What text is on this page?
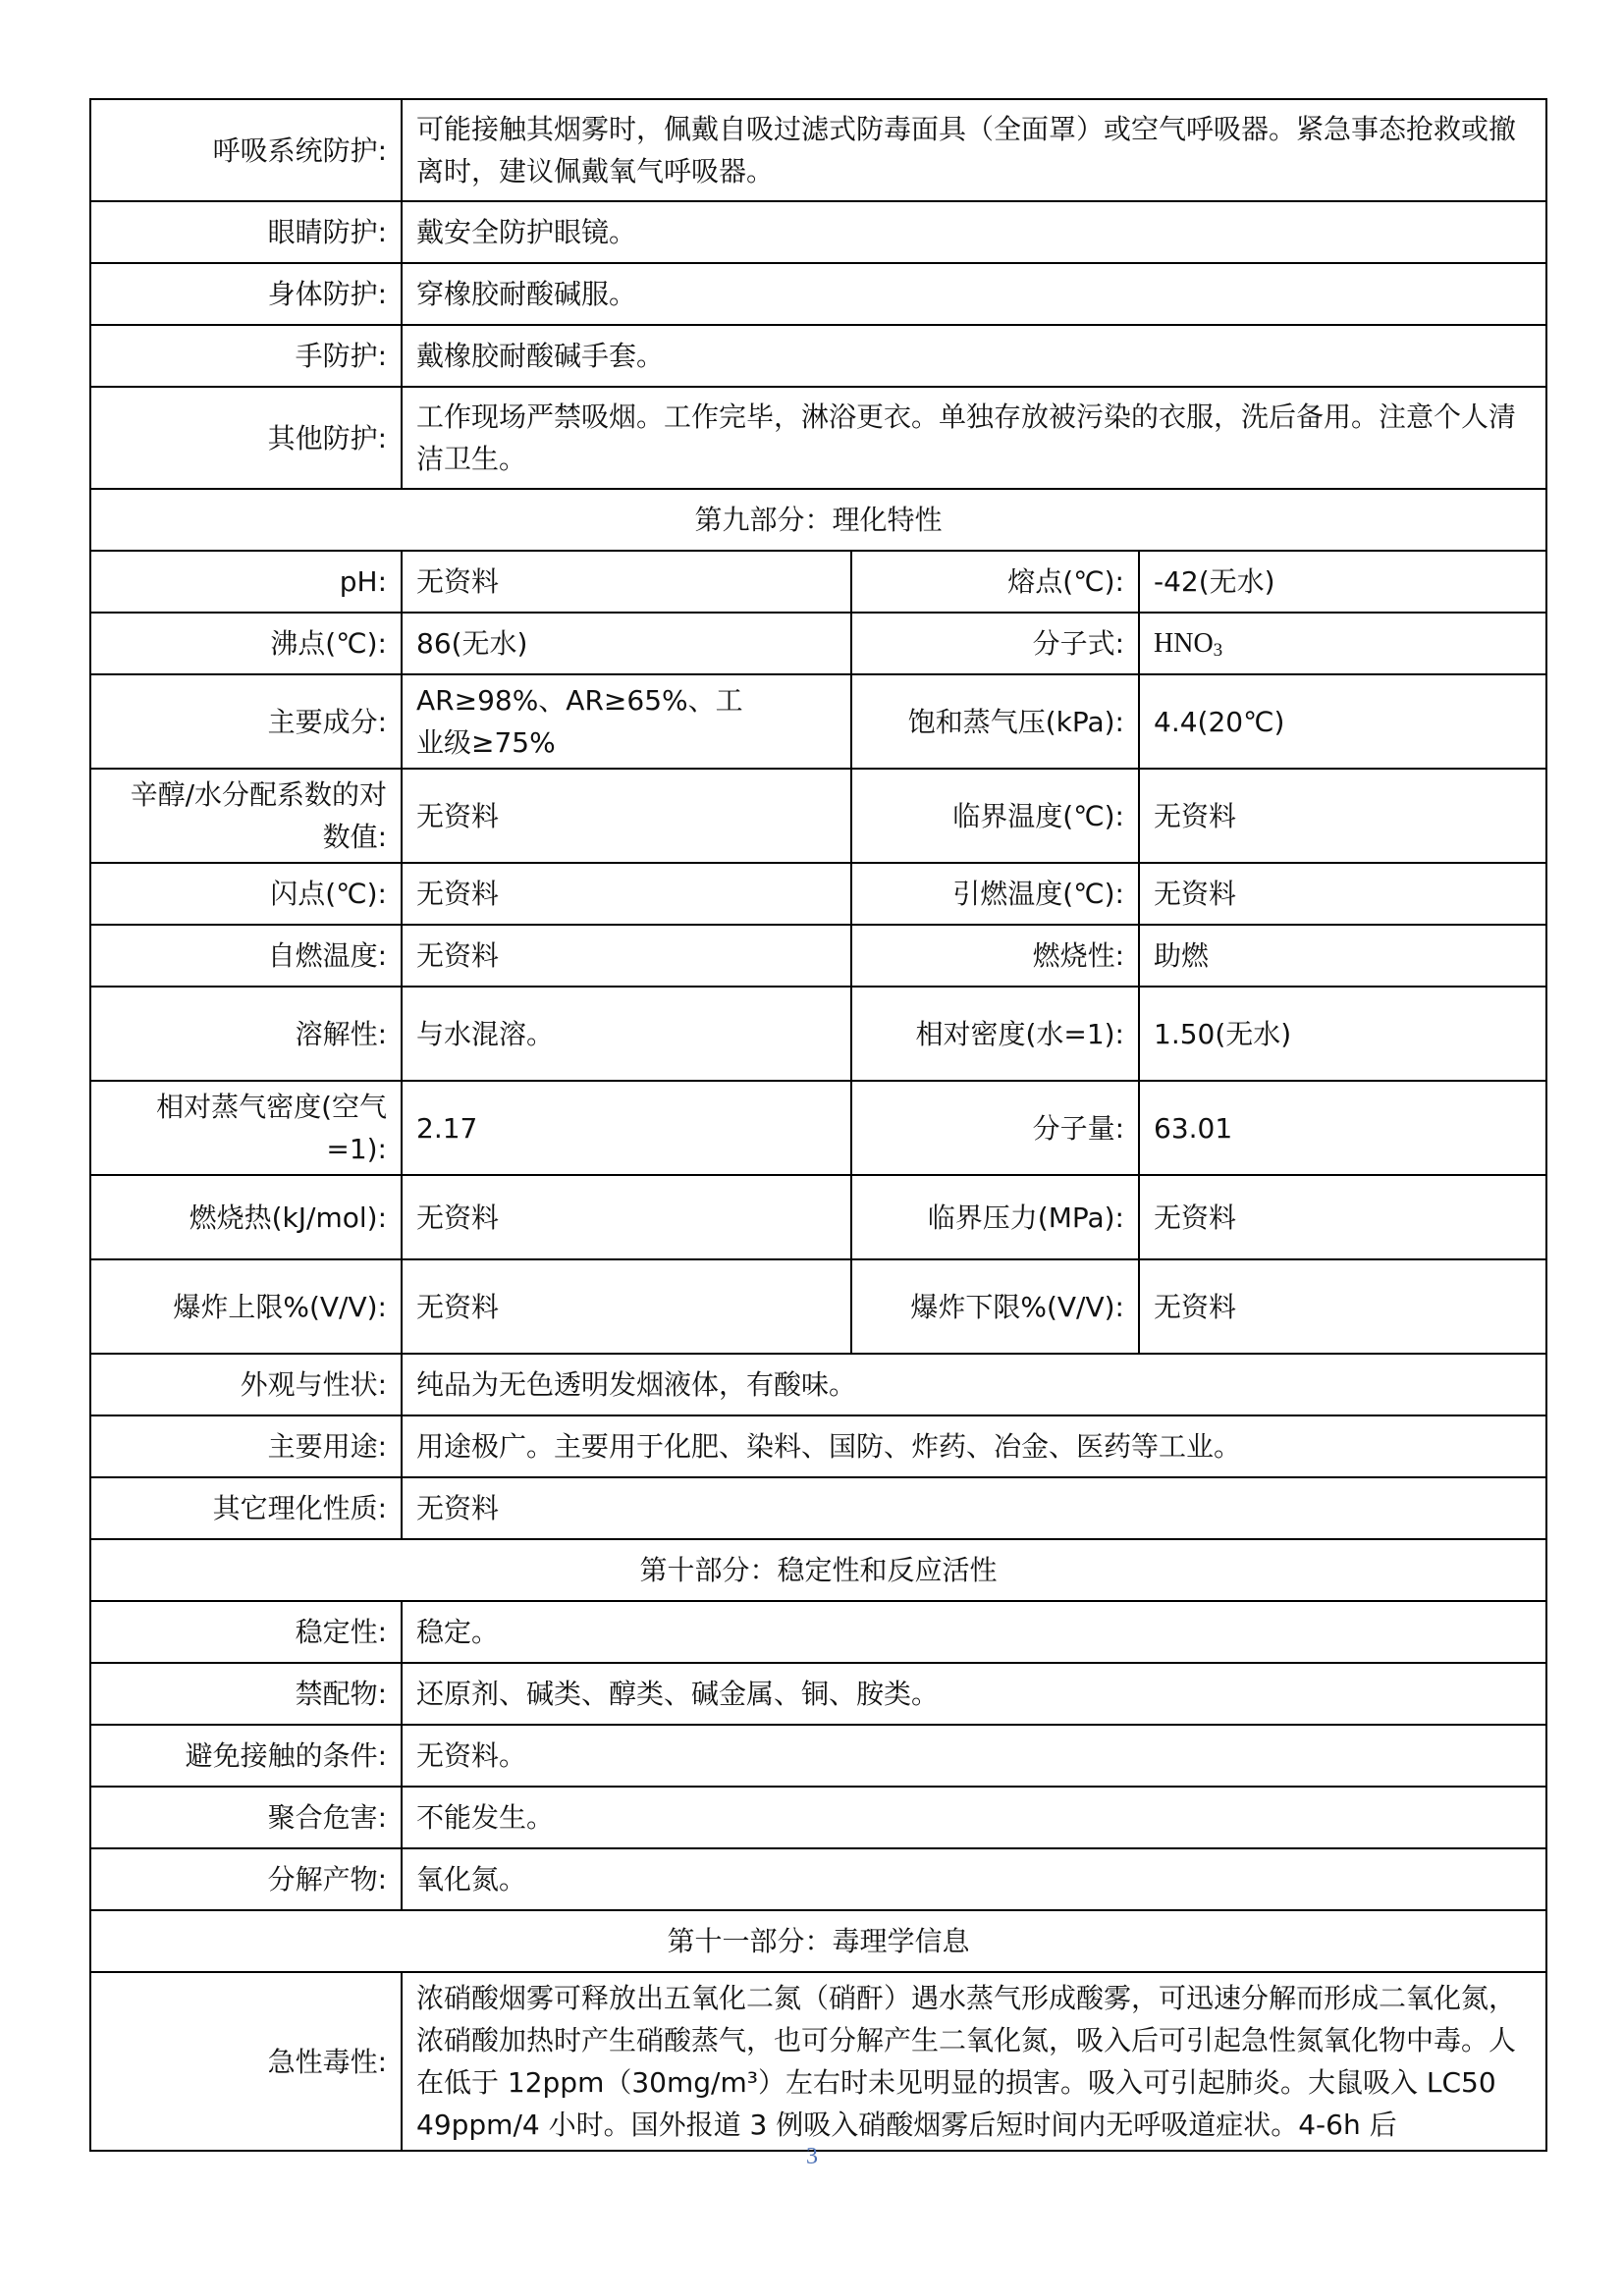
呼吸系统防护:	可能接触其烟雾时，佩戴自吸过滤式防毒面具（全面罩）或空气呼吸器。紧急事态抢救或撤离时，建议佩戴氧气呼吸器。		
眼睛防护:	戴安全防护眼镜。		
身体防护:	穿橡胶耐酸碱服。		
手防护:	戴橡胶耐酸碱手套。		
其他防护:	工作现场严禁吸烟。工作完毕，淋浴更衣。单独存放被污染的衣服，洗后备用。注意个人清洁卫生。		
第九部分：理化特性			
pH:	无资料	熔点(℃):	-42(无水)
沸点(℃):	86(无水)	分子式:	$HNO_3$
主要成分:	AR≥98%、AR≥65%、工业级≥75%	饱和蒸气压(kPa):	4.4(20℃)
辛醇/水分配系数的对数值:	无资料	临界温度(℃):	无资料
闪点(℃):	无资料	引燃温度(℃):	无资料
自燃温度:	无资料	燃烧性:	助燃
溶解性:	与水混溶。	相对密度(水=1):	1.50(无水)
相对蒸气密度(空气=1):	2.17	分子量:	63.01
燃烧热(kJ/mol):	无资料	临界压力(MPa):	无资料
爆炸上限%(V/V):	无资料	爆炸下限%(V/V):	无资料
外观与性状:	纯品为无色透明发烟液体，有酸味。		
主要用途:	用途极广。主要用于化肥、染料、国防、炸药、冶金、医药等工业。		
其它理化性质:	无资料		
第十部分：稳定性和反应活性			
稳定性:	稳定。		
禁配物:	还原剂、碱类、醇类、碱金属、铜、胺类。		
避免接触的条件:	无资料。		
聚合危害:	不能发生。		
分解产物:	氧化氮。		
第十一部分：毒理学信息			
急性毒性:	浓硝酸烟雾可释放出五氧化二氮（硝酐）遇水蒸气形成酸雾，可迅速分解而形成二氧化氮，浓硝酸加热时产生硝酸蒸气，也可分解产生二氧化氮，吸入后可引起急性氮氧化物中毒。人在低于 12ppm（30mg/m³）左右时未见明显的损害。吸入可引起肺炎。大鼠吸入 LC50 49ppm/4 小时。国外报道 3 例吸入硝酸烟雾后短时间内无呼吸道症状。4-6h 后		
3
